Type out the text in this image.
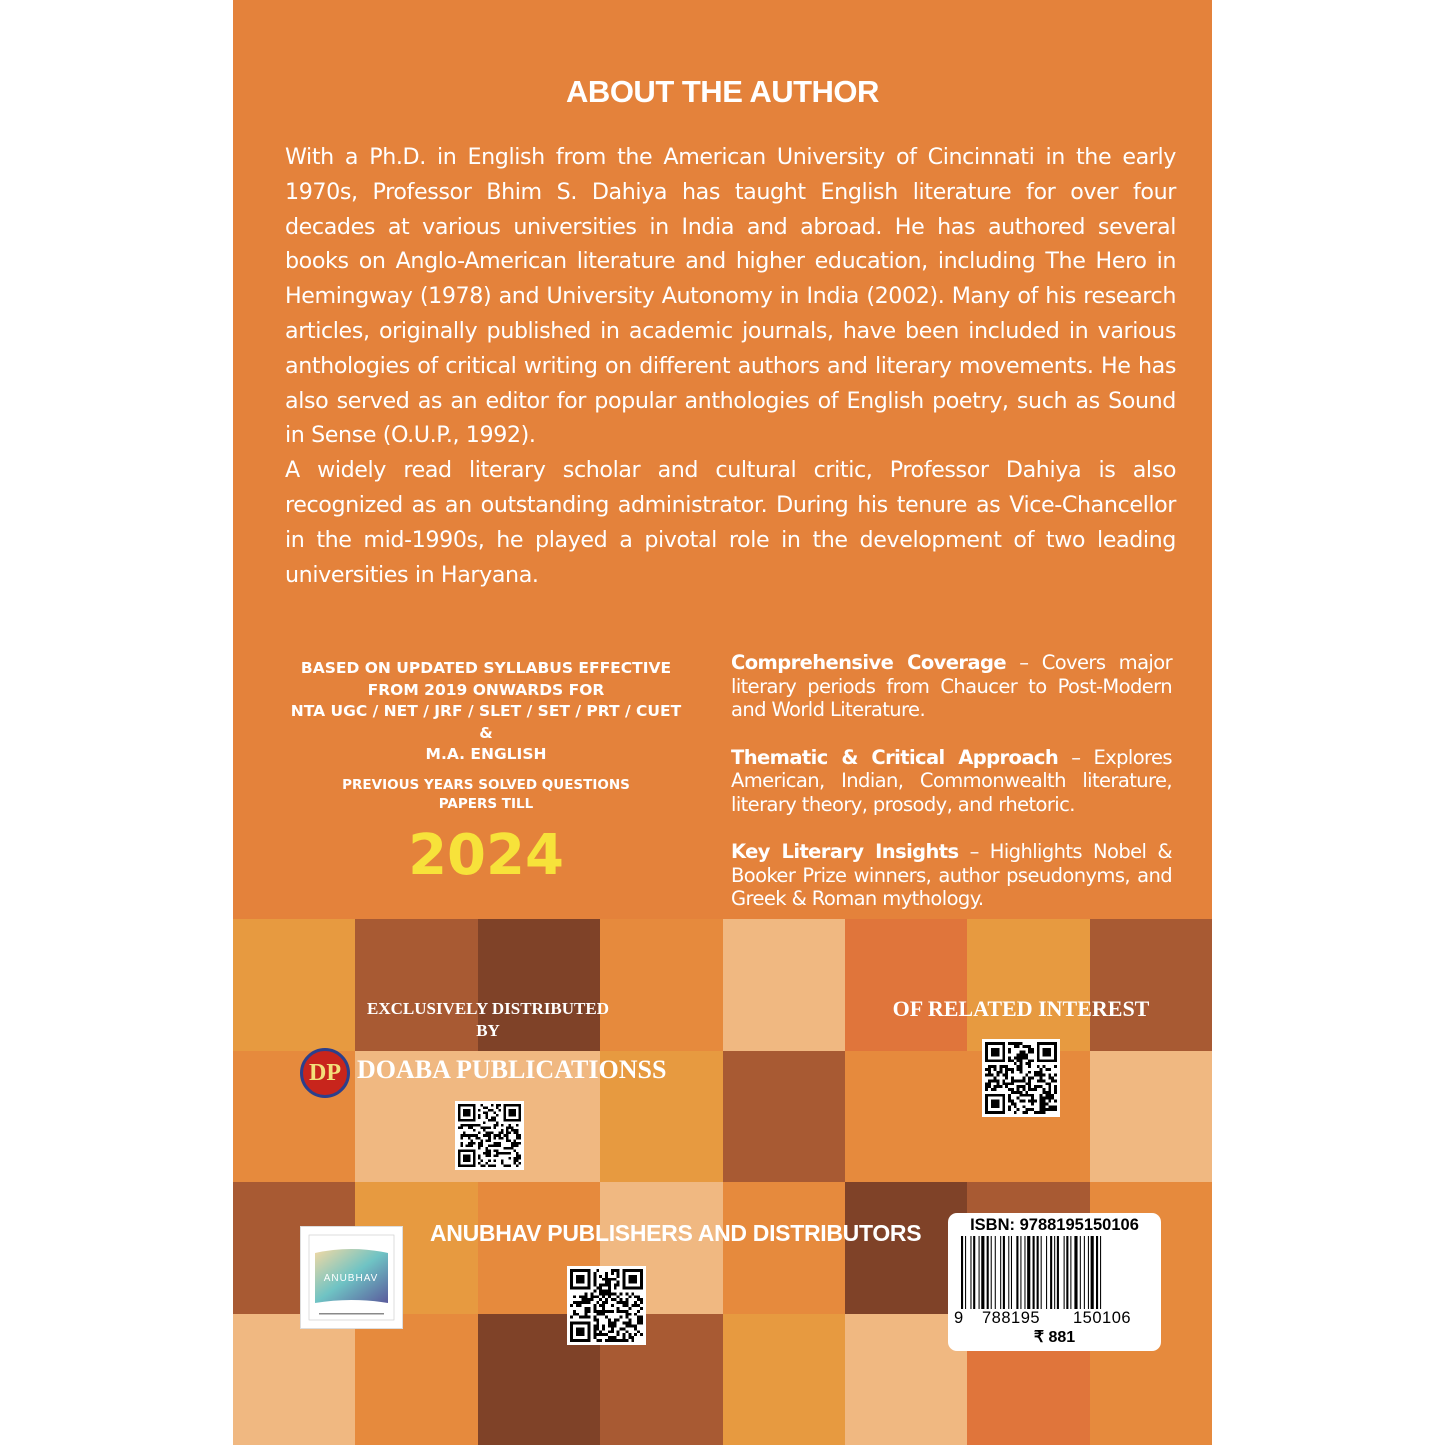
ABOUT THE AUTHOR

With a Ph.D. in English from the American University of Cincinnati in the early 1970s, Professor Bhim S. Dahiya has taught English literature for over four decades at various universities in India and abroad. He has authored several books on Anglo-American literature and higher education, including The Hero in Hemingway (1978) and University Autonomy in India (2002). Many of his research articles, originally published in academic journals, have been included in various anthologies of critical writing on different authors and literary movements. He has also served as an editor for popular anthologies of English poetry, such as Sound in Sense (O.U.P., 1992).

A widely read literary scholar and cultural critic, Professor Dahiya is also recognized as an outstanding administrator. During his tenure as Vice-Chancellor in the mid-1990s, he played a pivotal role in the development of two leading universities in Haryana.

BASED ON UPDATED SYLLABUS EFFECTIVE
FROM 2019 ONWARDS FOR
NTA UGC / NET / JRF / SLET / SET / PRT / CUET
&
M.A. ENGLISH
PREVIOUS YEARS SOLVED QUESTIONS
PAPERS TILL
2024
Comprehensive Coverage – Covers major literary periods from Chaucer to Post-Modern and World Literature.
Thematic & Critical Approach – Explores American, Indian, Commonwealth literature, literary theory, prosody, and rhetoric.
Key Literary Insights – Highlights Nobel & Booker Prize winners, author pseudonyms, and Greek & Roman mythology.
EXCLUSIVELY DISTRIBUTED
BY
OF RELATED INTEREST
DP DOABA PUBLICATIONSS
ANUBHAV PUBLISHERS AND DISTRIBUTORS
ANUBHAV
ISBN: 9788195150106
9 788195 150106
₹ 881
